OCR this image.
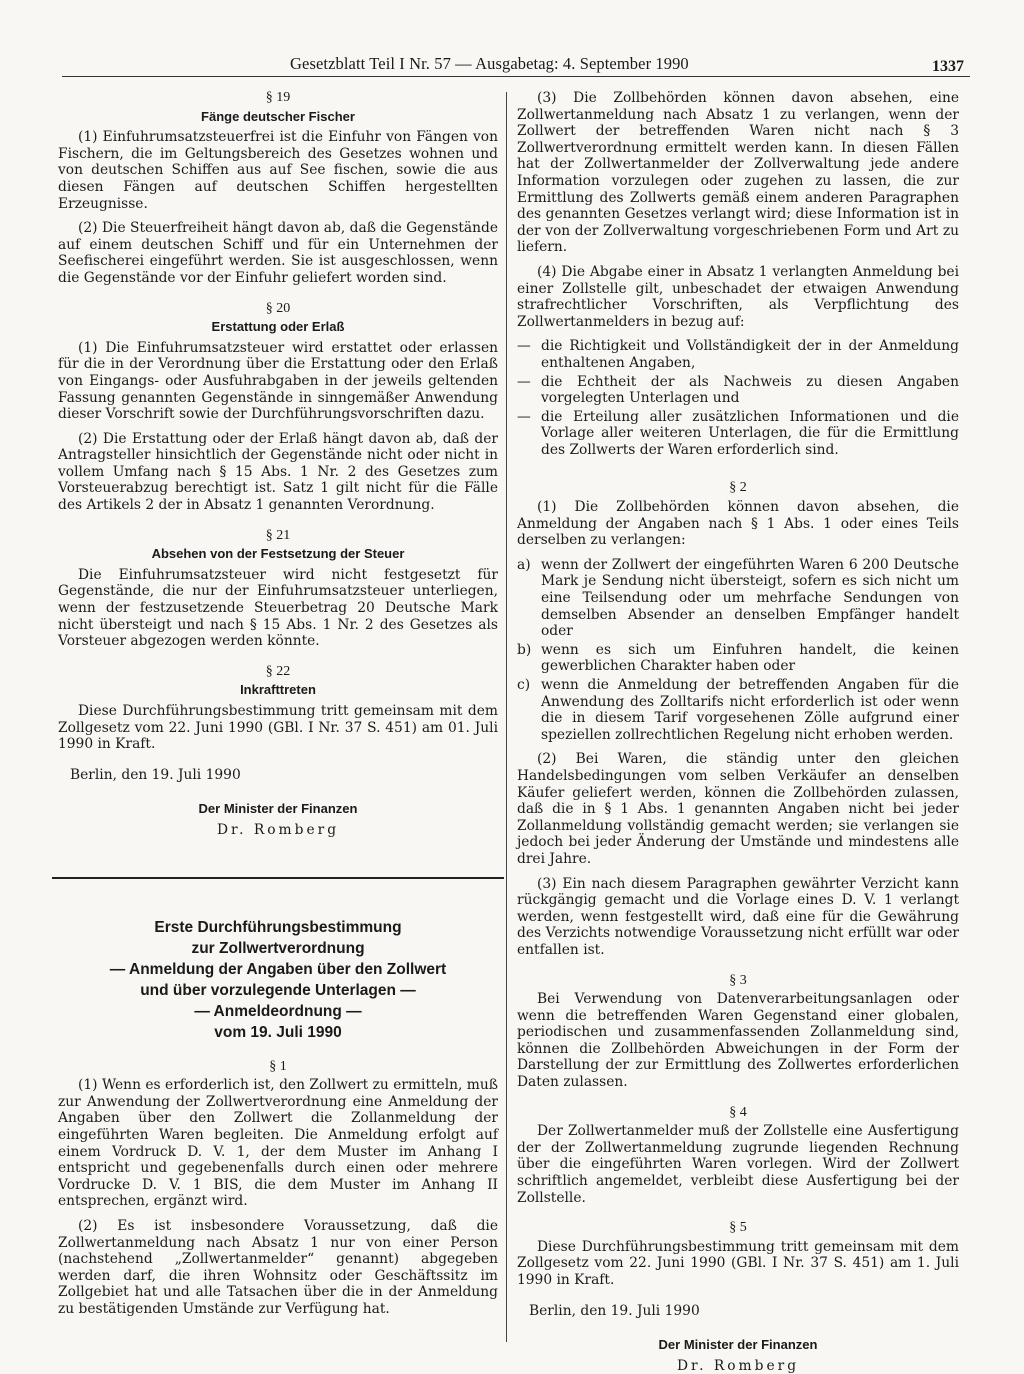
Gesetzblatt Teil I Nr. 57 — Ausgabetag: 4. September 1990	1337
§ 19
Fänge deutscher Fischer

(1) Einfuhrumsatzsteuerfrei ist die Einfuhr von Fängen von Fischern, die im Geltungsbereich des Gesetzes wohnen und von deutschen Schiffen aus auf See fischen, sowie die aus diesen Fängen auf deutschen Schiffen hergestellten Erzeugnisse.

(2) Die Steuerfreiheit hängt davon ab, daß die Gegenstände auf einem deutschen Schiff und für ein Unternehmen der Seefischerei eingeführt werden. Sie ist ausgeschlossen, wenn die Gegenstände vor der Einfuhr geliefert worden sind.

§ 20
Erstattung oder Erlaß

(1) Die Einfuhrumsatzsteuer wird erstattet oder erlassen für die in der Verordnung über die Erstattung oder den Erlaß von Eingangs- oder Ausfuhrabgaben in der jeweils geltenden Fassung genannten Gegenstände in sinngemäßer Anwendung dieser Vorschrift sowie der Durchführungsvorschriften dazu.

(2) Die Erstattung oder der Erlaß hängt davon ab, daß der Antragsteller hinsichtlich der Gegenstände nicht oder nicht in vollem Umfang nach § 15 Abs. 1 Nr. 2 des Gesetzes zum Vorsteuerabzug berechtigt ist. Satz 1 gilt nicht für die Fälle des Artikels 2 der in Absatz 1 genannten Verordnung.

§ 21
Absehen von der Festsetzung der Steuer

Die Einfuhrumsatzsteuer wird nicht festgesetzt für Gegenstände, die nur der Einfuhrumsatzsteuer unterliegen, wenn der festzusetzende Steuerbetrag 20 Deutsche Mark nicht übersteigt und nach § 15 Abs. 1 Nr. 2 des Gesetzes als Vorsteuer abgezogen werden könnte.

§ 22
Inkrafttreten

Diese Durchführungsbestimmung tritt gemeinsam mit dem Zollgesetz vom 22. Juni 1990 (GBl. I Nr. 37 S. 451) am 01. Juli 1990 in Kraft.

Berlin, den 19. Juli 1990

Der Minister der Finanzen

Dr. Romberg

Erste Durchführungsbestimmung
zur Zollwertverordnung
— Anmeldung der Angaben über den Zollwert
und über vorzulegende Unterlagen —
— Anmeldeordnung —
vom 19. Juli 1990
§ 1

(1) Wenn es erforderlich ist, den Zollwert zu ermitteln, muß zur Anwendung der Zollwertverordnung eine Anmeldung der Angaben über den Zollwert die Zollanmeldung der eingeführten Waren begleiten. Die Anmeldung erfolgt auf einem Vordruck D. V. 1, der dem Muster im Anhang I entspricht und gegebenenfalls durch einen oder mehrere Vordrucke D. V. 1 BIS, die dem Muster im Anhang II entsprechen, ergänzt wird.

(2) Es ist insbesondere Voraussetzung, daß die Zollwertanmeldung nach Absatz 1 nur von einer Person (nachstehend „Zollwertanmelder“ genannt) abgegeben werden darf, die ihren Wohnsitz oder Geschäftssitz im Zollgebiet hat und alle Tatsachen über die in der Anmeldung zu bestätigenden Umstände zur Verfügung hat.

(3) Die Zollbehörden können davon absehen, eine Zollwertanmeldung nach Absatz 1 zu verlangen, wenn der Zollwert der betreffenden Waren nicht nach § 3 Zollwertverordnung ermittelt werden kann. In diesen Fällen hat der Zollwertanmelder der Zollverwaltung jede andere Information vorzulegen oder zugehen zu lassen, die zur Ermittlung des Zollwerts gemäß einem anderen Paragraphen des genannten Gesetzes verlangt wird; diese Information ist in der von der Zollverwaltung vorgeschriebenen Form und Art zu liefern.

(4) Die Abgabe einer in Absatz 1 verlangten Anmeldung bei einer Zollstelle gilt, unbeschadet der etwaigen Anwendung strafrechtlicher Vorschriften, als Verpflichtung des Zollwertanmelders in bezug auf:

— die Richtigkeit und Vollständigkeit der in der Anmeldung enthaltenen Angaben,
— die Echtheit der als Nachweis zu diesen Angaben vorgelegten Unterlagen und
— die Erteilung aller zusätzlichen Informationen und die Vorlage aller weiteren Unterlagen, die für die Ermittlung des Zollwerts der Waren erforderlich sind.
§ 2

(1) Die Zollbehörden können davon absehen, die Anmeldung der Angaben nach § 1 Abs. 1 oder eines Teils derselben zu verlangen:

a) wenn der Zollwert der eingeführten Waren 6 200 Deutsche Mark je Sendung nicht übersteigt, sofern es sich nicht um eine Teilsendung oder um mehrfache Sendungen von demselben Absender an denselben Empfänger handelt oder
b) wenn es sich um Einfuhren handelt, die keinen gewerblichen Charakter haben oder
c) wenn die Anmeldung der betreffenden Angaben für die Anwendung des Zolltarifs nicht erforderlich ist oder wenn die in diesem Tarif vorgesehenen Zölle aufgrund einer speziellen zollrechtlichen Regelung nicht erhoben werden.

(2) Bei Waren, die ständig unter den gleichen Handelsbedingungen vom selben Verkäufer an denselben Käufer geliefert werden, können die Zollbehörden zulassen, daß die in § 1 Abs. 1 genannten Angaben nicht bei jeder Zollanmeldung vollständig gemacht werden; sie verlangen sie jedoch bei jeder Änderung der Umstände und mindestens alle drei Jahre.

(3) Ein nach diesem Paragraphen gewährter Verzicht kann rückgängig gemacht und die Vorlage eines D. V. 1 verlangt werden, wenn festgestellt wird, daß eine für die Gewährung des Verzichts notwendige Voraussetzung nicht erfüllt war oder entfallen ist.

§ 3

Bei Verwendung von Datenverarbeitungsanlagen oder wenn die betreffenden Waren Gegenstand einer globalen, periodischen und zusammenfassenden Zollanmeldung sind, können die Zollbehörden Abweichungen in der Form der Darstellung der zur Ermittlung des Zollwertes erforderlichen Daten zulassen.

§ 4

Der Zollwertanmelder muß der Zollstelle eine Ausfertigung der der Zollwertanmeldung zugrunde liegenden Rechnung über die eingeführten Waren vorlegen. Wird der Zollwert schriftlich angemeldet, verbleibt diese Ausfertigung bei der Zollstelle.

§ 5

Diese Durchführungsbestimmung tritt gemeinsam mit dem Zollgesetz vom 22. Juni 1990 (GBl. I Nr. 37 S. 451) am 1. Juli 1990 in Kraft.

Berlin, den 19. Juli 1990

Der Minister der Finanzen

Dr. Romberg
